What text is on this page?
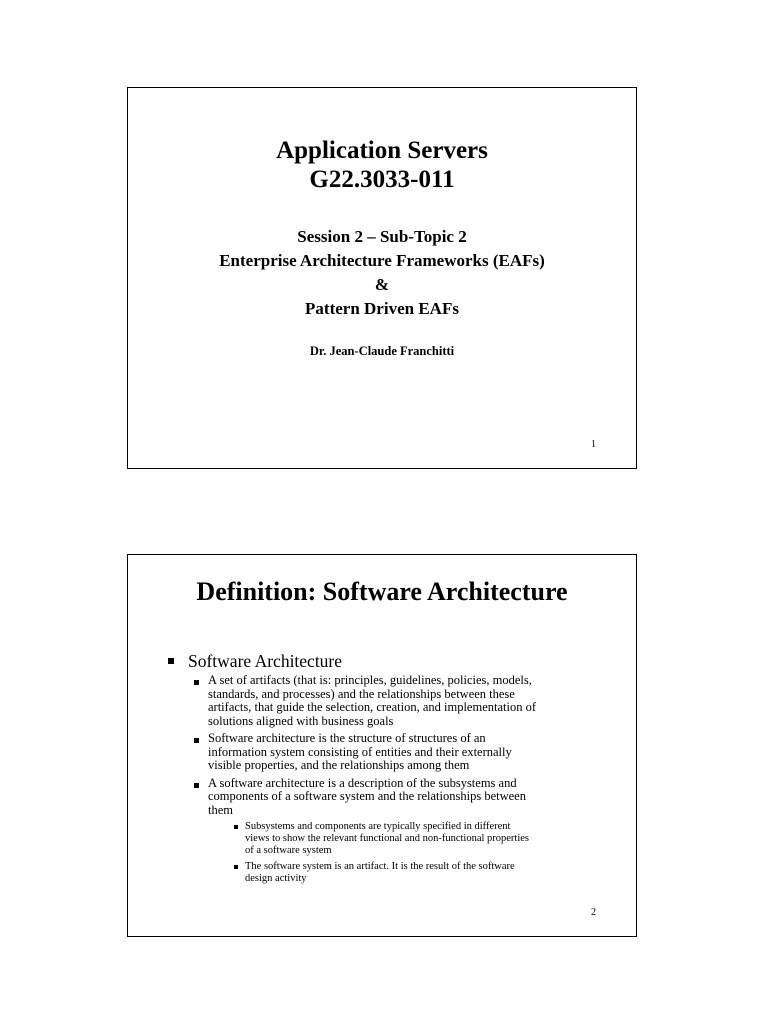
Application Servers
G22.3033-011
Session 2 – Sub-Topic 2
Enterprise Architecture Frameworks (EAFs)
&
Pattern Driven EAFs
Dr. Jean-Claude Franchitti
1
Definition: Software Architecture
Software Architecture
A set of artifacts (that is: principles, guidelines, policies, models,
standards, and processes) and the relationships between these
artifacts, that guide the selection, creation, and implementation of
solutions aligned with business goals
Software architecture is the structure of structures of an
information system consisting of entities and their externally
visible properties, and the relationships among them
A software architecture is a description of the subsystems and
components of a software system and the relationships between
them
Subsystems and components are typically specified in different
views to show the relevant functional and non-functional properties
of a software system
The software system is an artifact. It is the result of the software
design activity
2
